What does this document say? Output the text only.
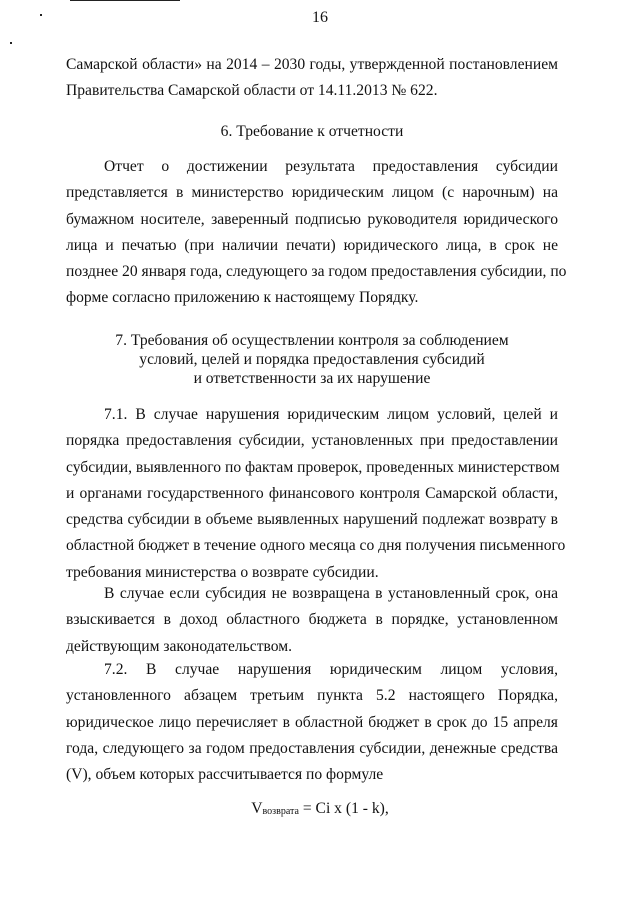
16
Самарской области» на 2014 – 2030 годы, утвержденной постановлением
Правительства Самарской области от 14.11.2013 № 622.
6. Требование к отчетности
Отчет о достижении результата предоставления субсидии
представляется в министерство юридическим лицом (с нарочным) на
бумажном носителе, заверенный подписью руководителя юридического
лица и печатью (при наличии печати) юридического лица, в срок не
позднее 20 января года, следующего за годом предоставления субсидии, по
форме согласно приложению к настоящему Порядку.
7. Требования об осуществлении контроля за соблюдением
условий, целей и порядка предоставления субсидий
и ответственности за их нарушение
7.1. В случае нарушения юридическим лицом условий, целей и
порядка предоставления субсидии, установленных при предоставлении
субсидии, выявленного по фактам проверок, проведенных министерством
и органами государственного финансового контроля Самарской области,
средства субсидии в объеме выявленных нарушений подлежат возврату в
областной бюджет в течение одного месяца со дня получения письменного
требования министерства о возврате субсидии.
В случае если субсидия не возвращена в установленный срок, она
взыскивается в доход областного бюджета в порядке, установленном
действующим законодательством.
7.2. В случае нарушения юридическим лицом условия,
установленного абзацем третьим пункта 5.2 настоящего Порядка,
юридическое лицо перечисляет в областной бюджет в срок до 15 апреля
года, следующего за годом предоставления субсидии, денежные средства
(V), объем которых рассчитывается по формуле
$V_{возврата} = Ci$ x (1 - k),
